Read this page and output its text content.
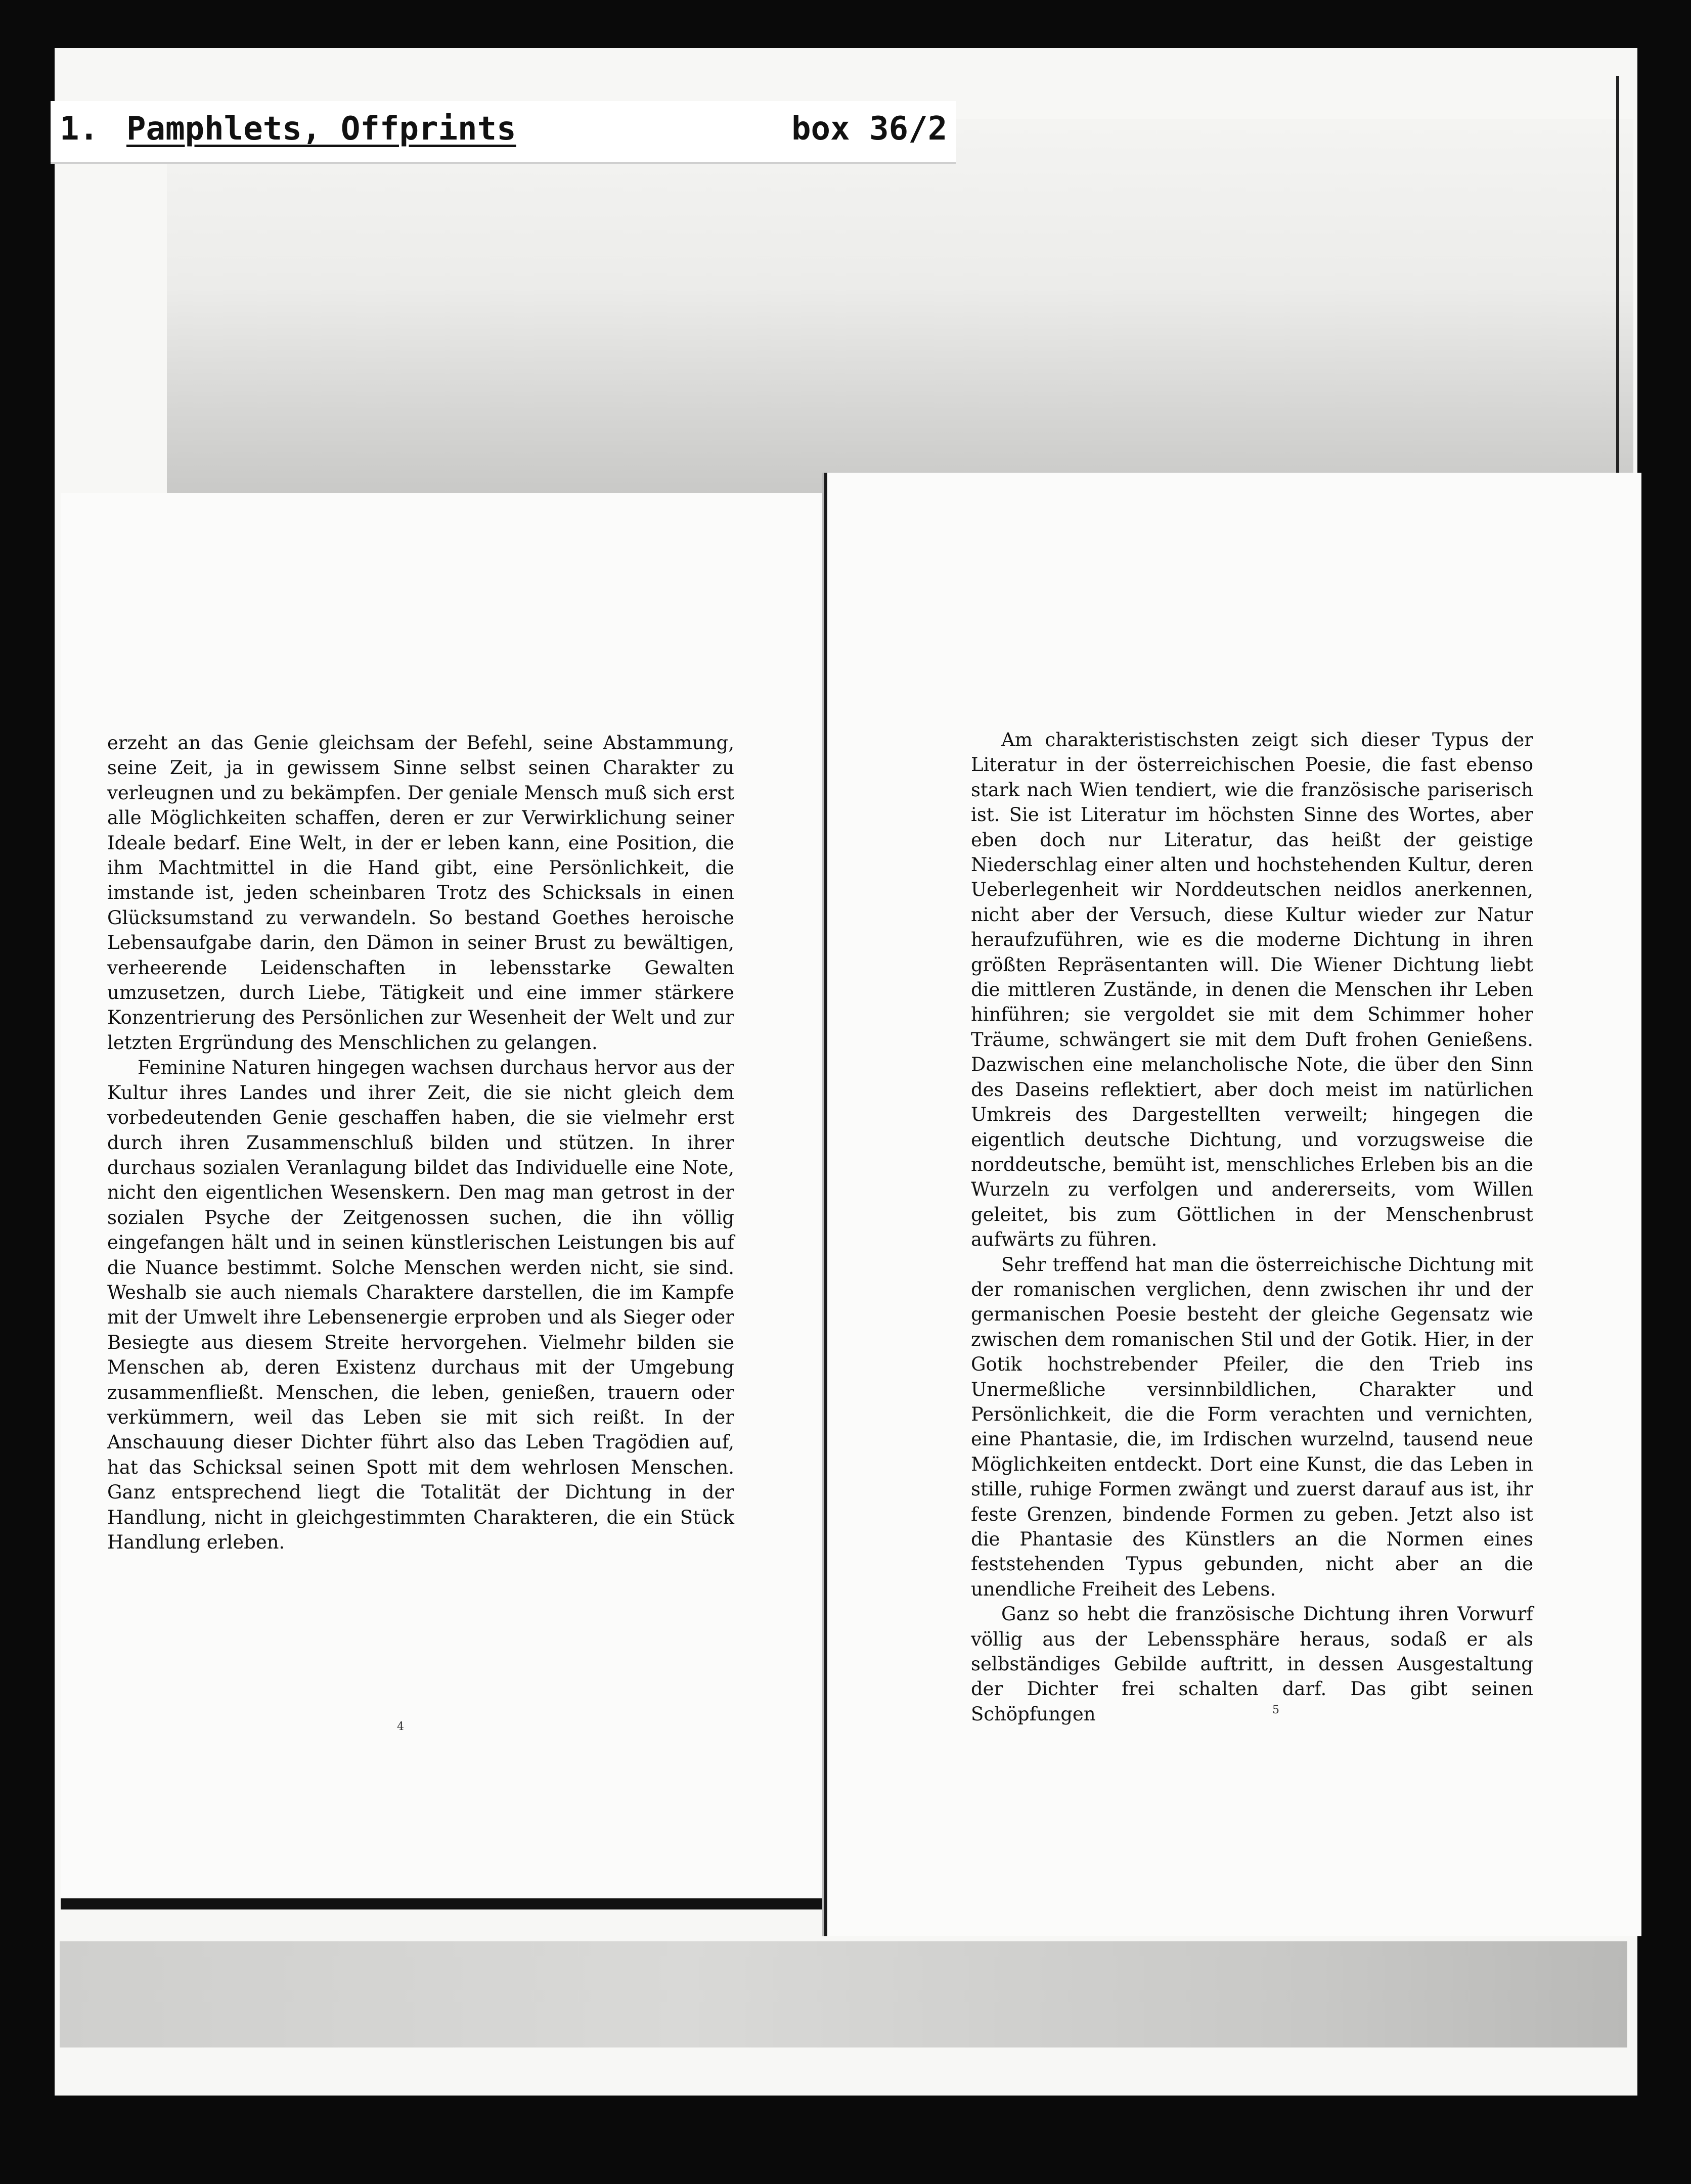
1. Pamphlets, Offprints	box 36/2

erzeht an das Genie gleichsam der Befehl, seine Abstammung, seine Zeit, ja in gewissem Sinne selbst seinen Charakter zu verleugnen und zu bekämpfen. Der geniale Mensch muß sich erst alle Möglichkeiten schaffen, deren er zur Verwirklichung seiner Ideale bedarf. Eine Welt, in der er leben kann, eine Position, die ihm Machtmittel in die Hand gibt, eine Persönlichkeit, die imstande ist, jeden scheinbaren Trotz des Schicksals in einen Glücksumstand zu verwandeln. So bestand Goethes heroische Lebensaufgabe darin, den Dämon in seiner Brust zu bewältigen, verheerende Leidenschaften in lebensstarke Gewalten umzusetzen, durch Liebe, Tätigkeit und eine immer stärkere Konzentrierung des Persönlichen zur Wesenheit der Welt und zur letzten Ergründung des Menschlichen zu gelangen.

Feminine Naturen hingegen wachsen durchaus hervor aus der Kultur ihres Landes und ihrer Zeit, die sie nicht gleich dem vorbedeutenden Genie geschaffen haben, die sie vielmehr erst durch ihren Zusammenschluß bilden und stützen. In ihrer durchaus sozialen Veranlagung bildet das Individuelle eine Note, nicht den eigentlichen Wesenskern. Den mag man getrost in der sozialen Psyche der Zeitgenossen suchen, die ihn völlig eingefangen hält und in seinen künstlerischen Leistungen bis auf die Nuance bestimmt. Solche Menschen werden nicht, sie sind. Weshalb sie auch niemals Charaktere darstellen, die im Kampfe mit der Umwelt ihre Lebensenergie erproben und als Sieger oder Besiegte aus diesem Streite hervorgehen. Vielmehr bilden sie Menschen ab, deren Existenz durchaus mit der Umgebung zusammenfließt. Menschen, die leben, genießen, trauern oder verkümmern, weil das Leben sie mit sich reißt. In der Anschauung dieser Dichter führt also das Leben Tragödien auf, hat das Schicksal seinen Spott mit dem wehrlosen Menschen. Ganz entsprechend liegt die Totalität der Dichtung in der Handlung, nicht in gleichgestimmten Charakteren, die ein Stück Handlung erleben.

4

Am charakteristischsten zeigt sich dieser Typus der Literatur in der österreichischen Poesie, die fast ebenso stark nach Wien tendiert, wie die französische pariserisch ist. Sie ist Literatur im höchsten Sinne des Wortes, aber eben doch nur Literatur, das heißt der geistige Niederschlag einer alten und hochstehenden Kultur, deren Ueberlegenheit wir Norddeutschen neidlos anerkennen, nicht aber der Versuch, diese Kultur wieder zur Natur heraufzuführen, wie es die moderne Dichtung in ihren größten Repräsentanten will. Die Wiener Dichtung liebt die mittleren Zustände, in denen die Menschen ihr Leben hinführen; sie vergoldet sie mit dem Schimmer hoher Träume, schwängert sie mit dem Duft frohen Genießens. Dazwischen eine melancholische Note, die über den Sinn des Daseins reflektiert, aber doch meist im natürlichen Umkreis des Dargestellten verweilt; hingegen die eigentlich deutsche Dichtung, und vorzugsweise die norddeutsche, bemüht ist, menschliches Erleben bis an die Wurzeln zu verfolgen und andererseits, vom Willen geleitet, bis zum Göttlichen in der Menschenbrust aufwärts zu führen.

Sehr treffend hat man die österreichische Dichtung mit der romanischen verglichen, denn zwischen ihr und der germanischen Poesie besteht der gleiche Gegensatz wie zwischen dem romanischen Stil und der Gotik. Hier, in der Gotik hochstrebender Pfeiler, die den Trieb ins Unermeßliche versinnbildlichen, Charakter und Persönlichkeit, die die Form verachten und vernichten, eine Phantasie, die, im Irdischen wurzelnd, tausend neue Möglichkeiten entdeckt. Dort eine Kunst, die das Leben in stille, ruhige Formen zwängt und zuerst darauf aus ist, ihr feste Grenzen, bindende Formen zu geben. Jetzt also ist die Phantasie des Künstlers an die Normen eines feststehenden Typus gebunden, nicht aber an die unendliche Freiheit des Lebens.

Ganz so hebt die französische Dichtung ihren Vorwurf völlig aus der Lebenssphäre heraus, sodaß er als selbständiges Gebilde auftritt, in dessen Ausgestaltung der Dichter frei schalten darf. Das gibt seinen Schöpfungen	5
